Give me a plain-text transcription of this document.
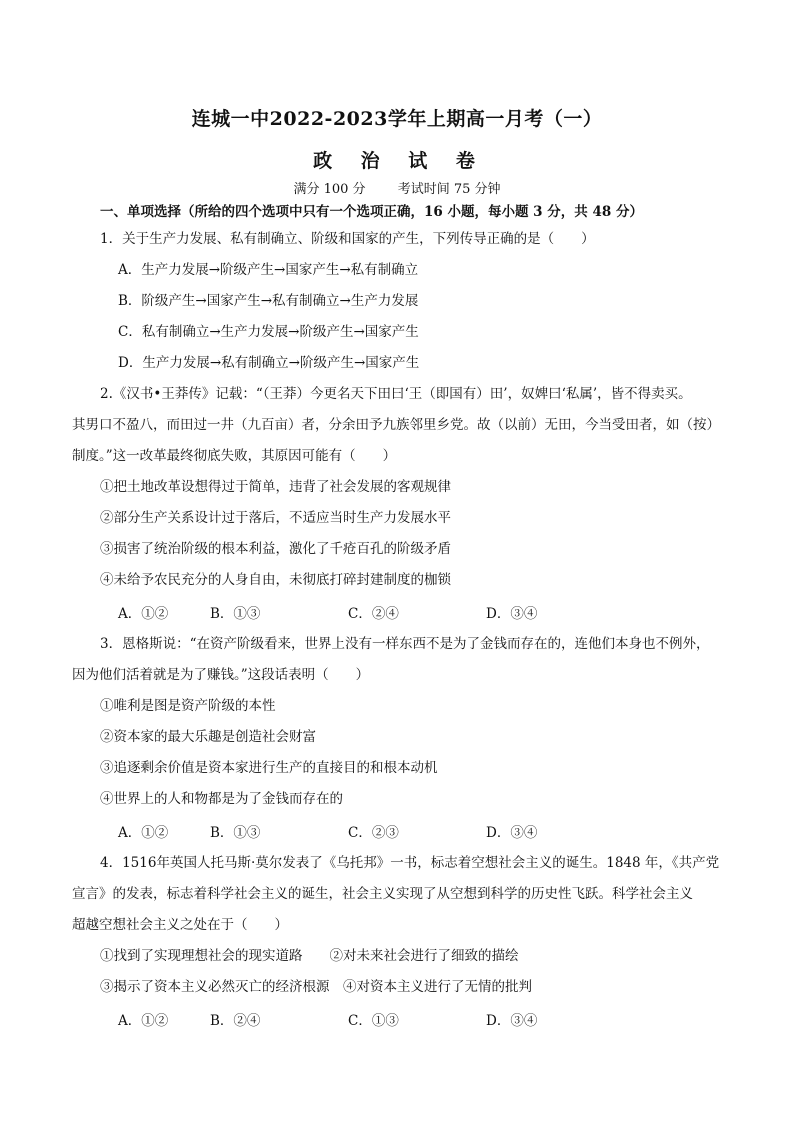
连城一中2022-2023学年上期高一月考（一）
政 治 试 卷
满分 100 分 考试时间 75 分钟
一、单项选择（所给的四个选项中只有一个选项正确，16 小题，每小题 3 分，共 48 分）
1．关于生产力发展、私有制确立、阶级和国家的产生，下列传导正确的是（　　）
A．生产力发展→阶级产生→国家产生→私有制确立
B．阶级产生→国家产生→私有制确立→生产力发展
C．私有制确立→生产力发展→阶级产生→国家产生
D．生产力发展→私有制确立→阶级产生→国家产生
2.《汉书•王莽传》记载：“（王莽）今更名天下田曰‘王（即国有）田’，奴婢曰‘私属’，皆不得卖买。
其男口不盈八，而田过一井（九百亩）者，分余田予九族邻里乡党。故（以前）无田，今当受田者，如（按）
制度。”这一改革最终彻底失败，其原因可能有（　　）
①把土地改革设想得过于简单，违背了社会发展的客观规律
②部分生产关系设计过于落后，不适应当时生产力发展水平
③损害了统治阶级的根本利益，激化了千疮百孔的阶级矛盾
④未给予农民充分的人身自由，未彻底打碎封建制度的枷锁
A．①②	B．①③	C．②④	D．③④
3．恩格斯说：“在资产阶级看来，世界上没有一样东西不是为了金钱而存在的，连他们本身也不例外，
因为他们活着就是为了赚钱。”这段话表明（　　）
①唯利是图是资产阶级的本性
②资本家的最大乐趣是创造社会财富
③追逐剩余价值是资本家进行生产的直接目的和根本动机
④世界上的人和物都是为了金钱而存在的
A．①②	B．①③	C．②③	D．③④
4．1516年英国人托马斯·莫尔发表了《乌托邦》一书，标志着空想社会主义的诞生。1848 年，《共产党
宣言》的发表，标志着科学社会主义的诞生，社会主义实现了从空想到科学的历史性飞跃。科学社会主义
超越空想社会主义之处在于（　　）
①找到了实现理想社会的现实道路　　②对未来社会进行了细致的描绘
③揭示了资本主义必然灭亡的经济根源　④对资本主义进行了无情的批判
A．①②	B．②④	C．①③	D．③④
